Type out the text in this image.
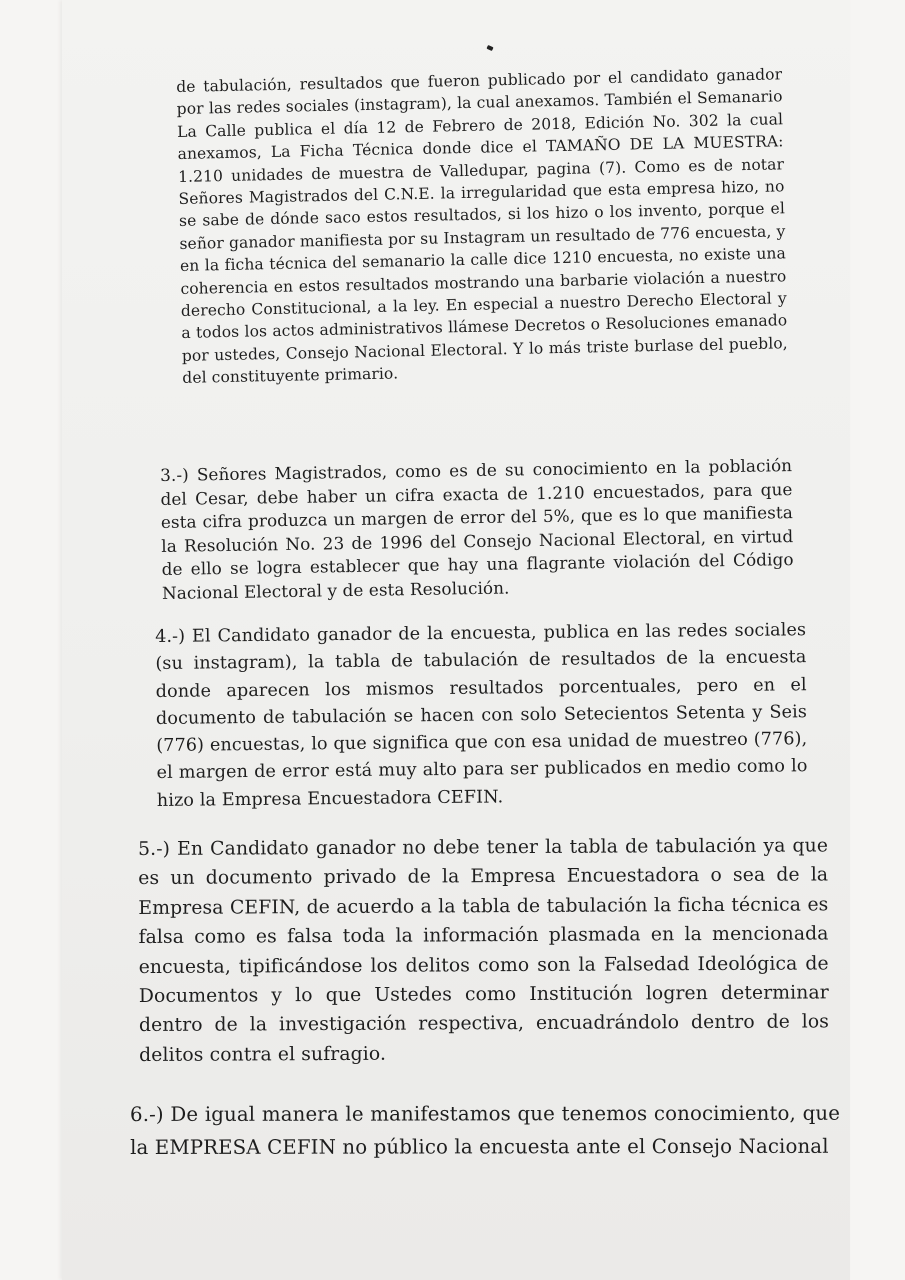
de tabulación, resultados que fueron publicado por el candidato ganador por las redes sociales (instagram), la cual anexamos. También el Semanario La Calle publica el día 12 de Febrero de 2018, Edición No. 302 la cual anexamos, La Ficha Técnica donde dice el TAMAÑO DE LA MUESTRA: 1.210 unidades de muestra de Valledupar, pagina (7). Como es de notar Señores Magistrados del C.N.E. la irregularidad que esta empresa hizo, no se sabe de dónde saco estos resultados, si los hizo o los invento, porque el señor ganador manifiesta por su Instagram un resultado de 776 encuesta, y en la ficha técnica del semanario la calle dice 1210 encuesta, no existe una coherencia en estos resultados mostrando una barbarie violación a nuestro derecho Constitucional, a la ley. En especial a nuestro Derecho Electoral y a todos los actos administrativos llámese Decretos o Resoluciones emanado por ustedes, Consejo Nacional Electoral. Y lo más triste burlase del pueblo, del constituyente primario.

3.-) Señores Magistrados, como es de su conocimiento en la población del Cesar, debe haber un cifra exacta de 1.210 encuestados, para que esta cifra produzca un margen de error del 5%, que es lo que manifiesta la Resolución No. 23 de 1996 del Consejo Nacional Electoral, en virtud de ello se logra establecer que hay una flagrante violación del Código Nacional Electoral y de esta Resolución.

4.-) El Candidato ganador de la encuesta, publica en las redes sociales (su instagram), la tabla de tabulación de resultados de la encuesta donde aparecen los mismos resultados porcentuales, pero en el documento de tabulación se hacen con solo Setecientos Setenta y Seis (776) encuestas, lo que significa que con esa unidad de muestreo (776), el margen de error está muy alto para ser publicados en medio como lo hizo la Empresa Encuestadora CEFIN.

5.-) En Candidato ganador no debe tener la tabla de tabulación ya que es un documento privado de la Empresa Encuestadora o sea de la Empresa CEFIN, de acuerdo a la tabla de tabulación la ficha técnica es falsa como es falsa toda la información plasmada en la mencionada encuesta, tipificándose los delitos como son la Falsedad Ideológica de Documentos y lo que Ustedes como Institución logren determinar dentro de la investigación respectiva, encuadrándolo dentro de los delitos contra el sufragio.

6.-) De igual manera le manifestamos que tenemos conocimiento, que la EMPRESA CEFIN no público la encuesta ante el Consejo Nacional
